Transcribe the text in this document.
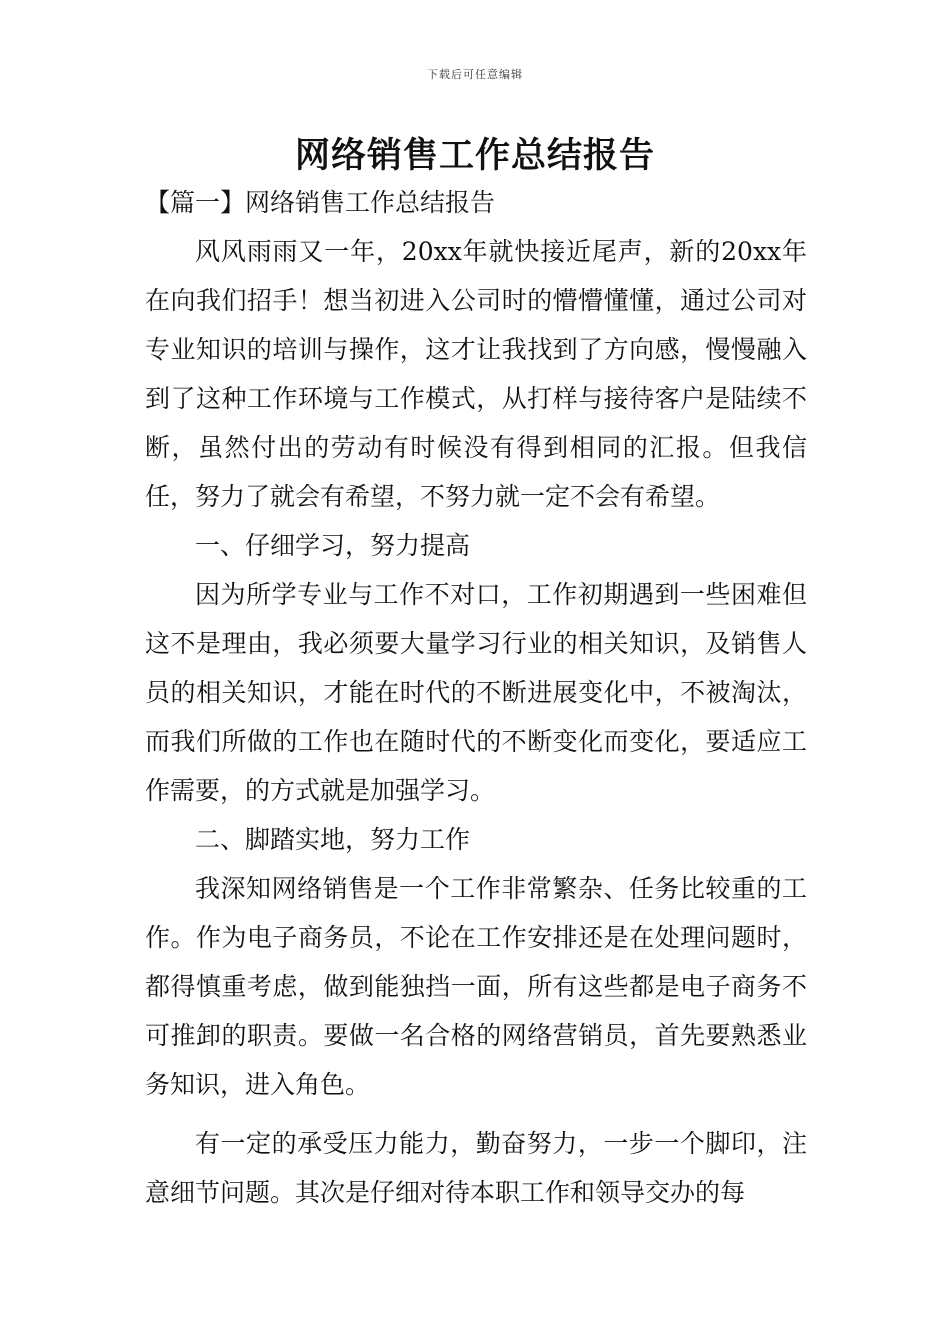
下载后可任意编辑
网络销售工作总结报告

【篇一】网络销售工作总结报告

风风雨雨又一年，20xx年就快接近尾声，新的20xx年在向我们招手！想当初进入公司时的懵懵懂懂，通过公司对专业知识的培训与操作，这才让我找到了方向感，慢慢融入到了这种工作环境与工作模式，从打样与接待客户是陆续不断，虽然付出的劳动有时候没有得到相同的汇报。但我信任，努力了就会有希望，不努力就一定不会有希望。

一、仔细学习，努力提高

因为所学专业与工作不对口，工作初期遇到一些困难但这不是理由，我必须要大量学习行业的相关知识，及销售人员的相关知识，才能在时代的不断进展变化中，不被淘汰，而我们所做的工作也在随时代的不断变化而变化，要适应工作需要，的方式就是加强学习。

二、脚踏实地，努力工作

我深知网络销售是一个工作非常繁杂、任务比较重的工作。作为电子商务员，不论在工作安排还是在处理问题时，都得慎重考虑，做到能独挡一面，所有这些都是电子商务不可推卸的职责。要做一名合格的网络营销员，首先要熟悉业务知识，进入角色。

有一定的承受压力能力，勤奋努力，一步一个脚印，注意细节问题。其次是仔细对待本职工作和领导交办的每
